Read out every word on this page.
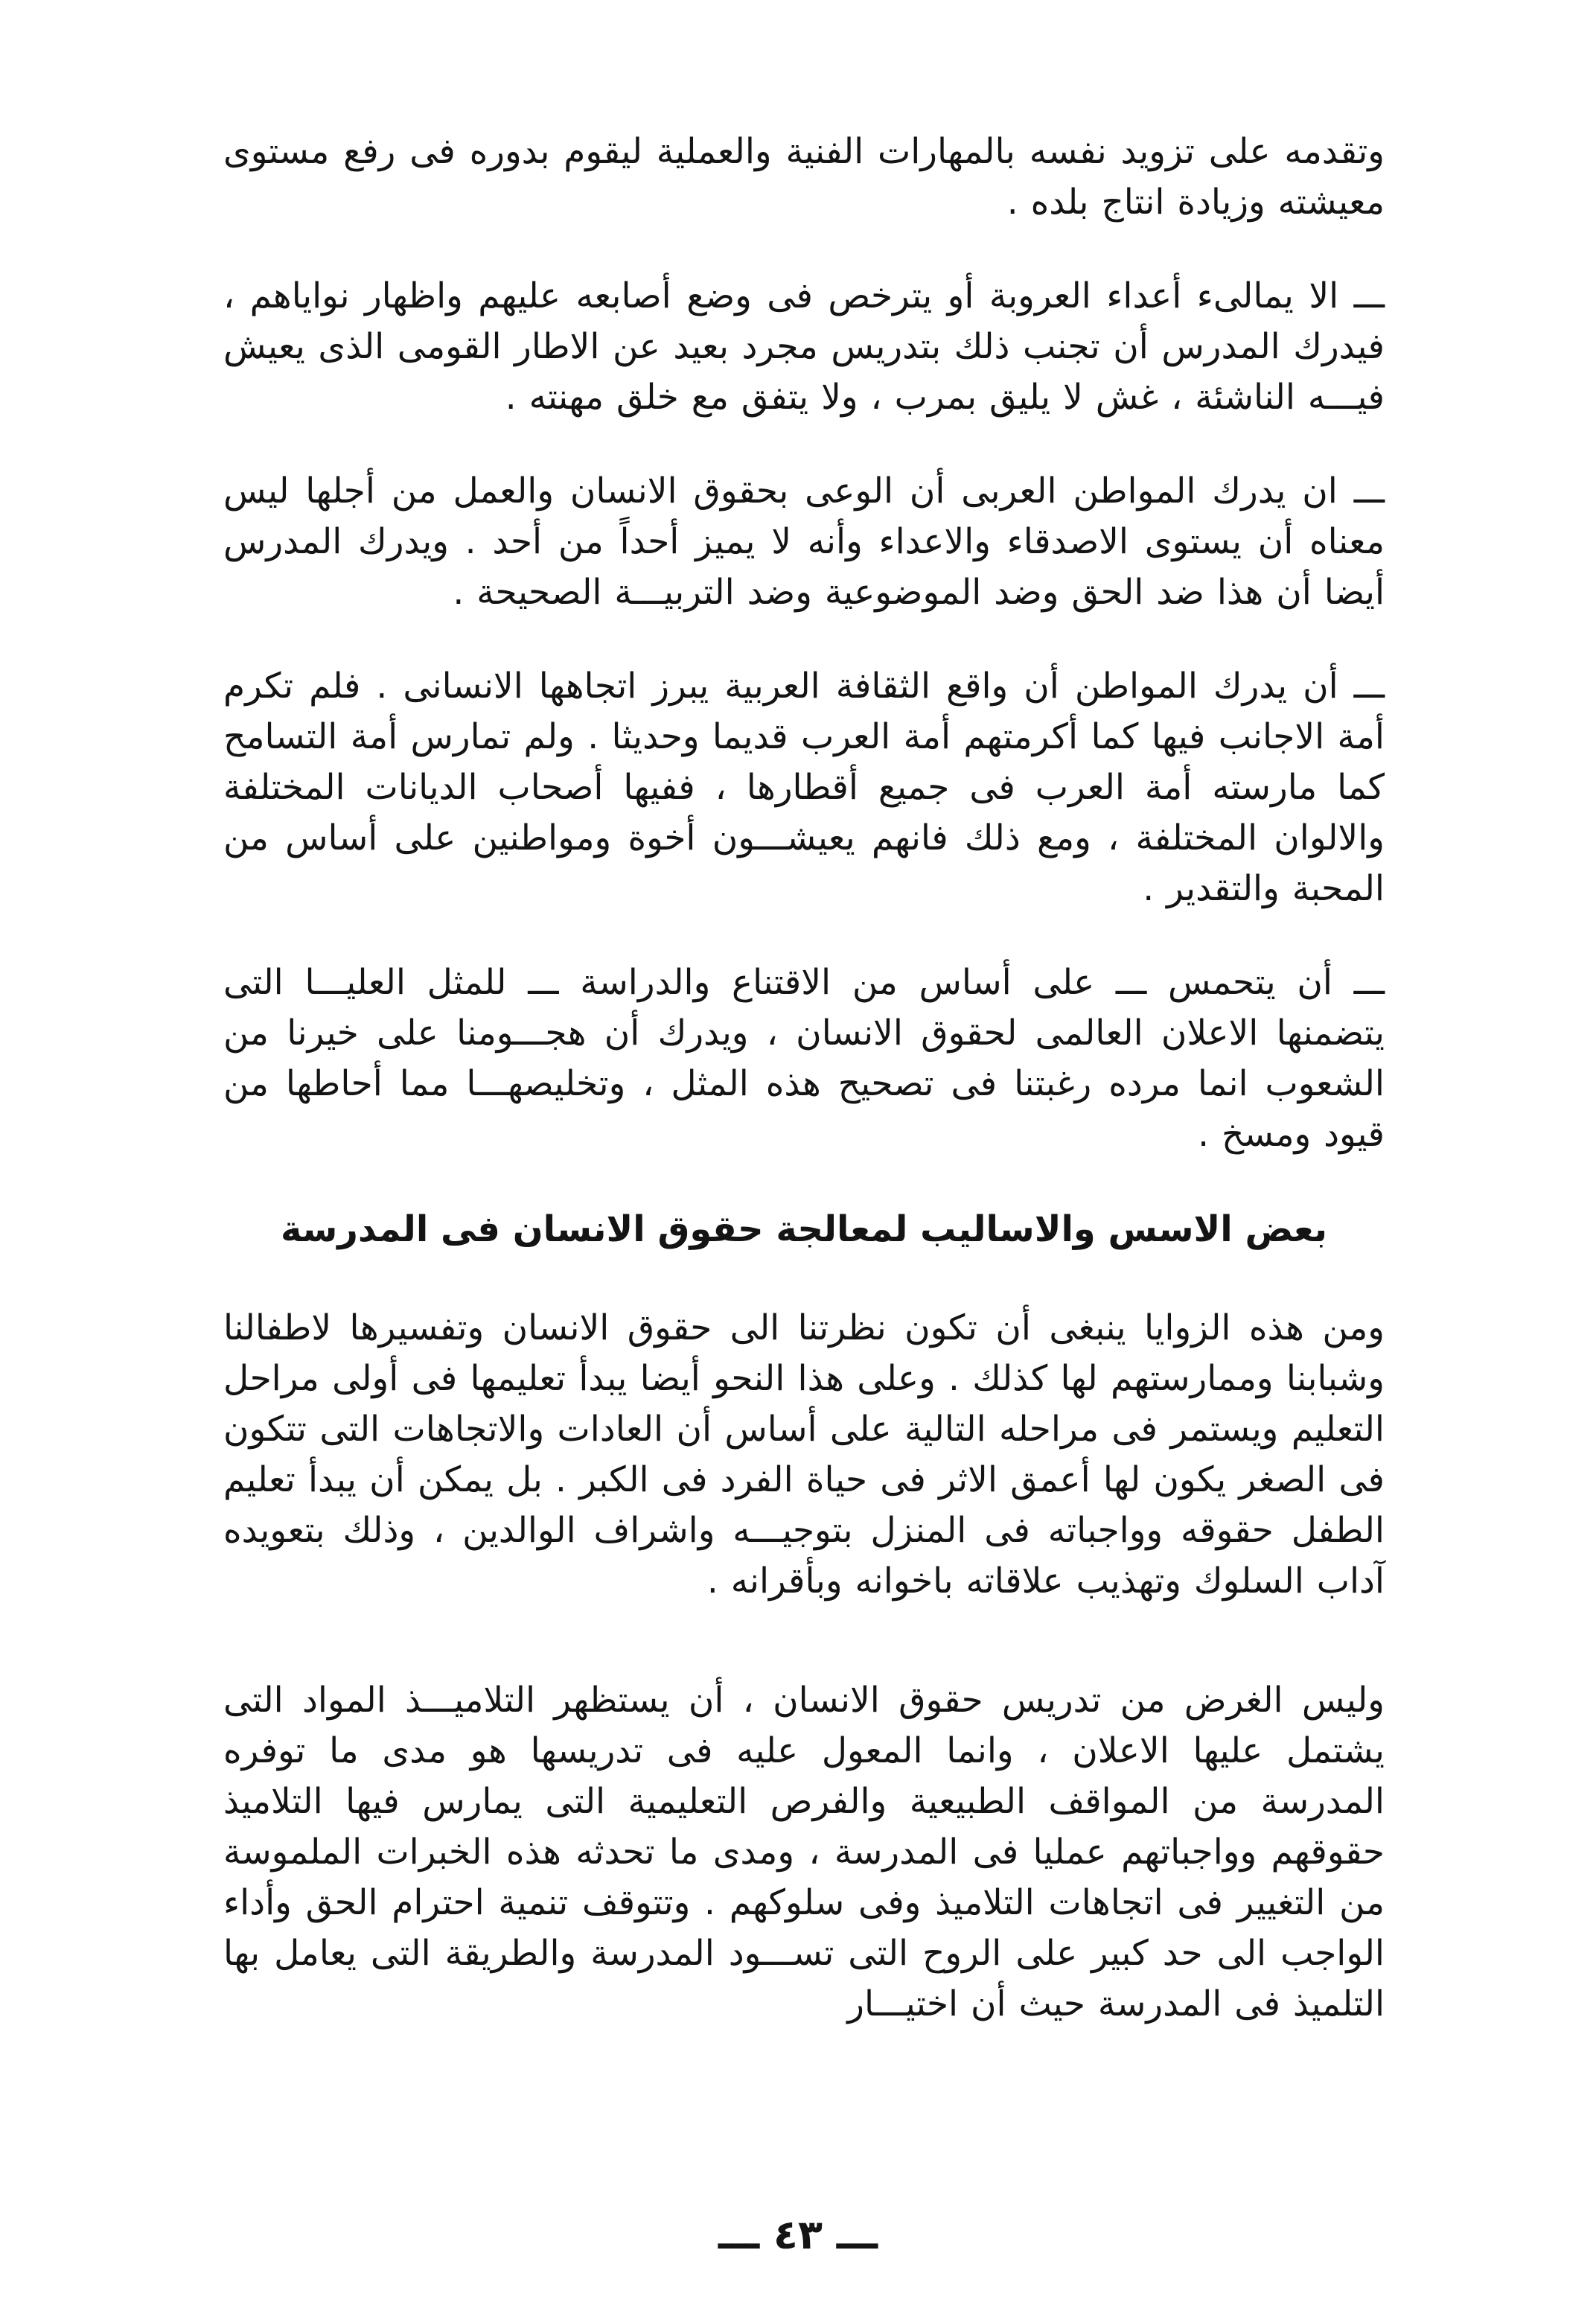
وتقدمه على تزويد نفسه بالمهارات الفنية والعملية ليقوم بدوره فى رفع مستوى معيشته وزيادة انتاج بلده .

ـــ الا يمالىء أعداء العروبة أو يترخص فى وضع أصابعه عليهم واظهار نواياهم ، فيدرك المدرس أن تجنب ذلك بتدريس مجرد بعيد عن الاطار القومى الذى يعيش فيـــه الناشئة ، غش لا يليق بمرب ، ولا يتفق مع خلق مهنته .

ـــ ان يدرك المواطن العربى أن الوعى بحقوق الانسان والعمل من أجلها ليس معناه أن يستوى الاصدقاء والاعداء وأنه لا يميز أحداً من أحد . ويدرك المدرس أيضا أن هذا ضد الحق وضد الموضوعية وضد التربيـــة الصحيحة .

ـــ أن يدرك المواطن أن واقع الثقافة العربية يبرز اتجاهها الانسانى . فلم تكرم أمة الاجانب فيها كما أكرمتهم أمة العرب قديما وحديثا . ولم تمارس أمة التسامح كما مارسته أمة العرب فى جميع أقطارها ، ففيها أصحاب الديانات المختلفة والالوان المختلفة ، ومع ذلك فانهم يعيشـــون أخوة ومواطنين على أساس من المحبة والتقدير .

ـــ أن يتحمس ـــ على أساس من الاقتناع والدراسة ـــ للمثل العليـــا التى يتضمنها الاعلان العالمى لحقوق الانسان ، ويدرك أن هجـــومنا على خيرنا من الشعوب انما مرده رغبتنا فى تصحيح هذه المثل ، وتخليصهـــا مما أحاطها من قيود ومسخ .

بعض الاسس والاساليب لمعالجة حقوق الانسان فى المدرسة

ومن هذه الزوايا ينبغى أن تكون نظرتنا الى حقوق الانسان وتفسيرها لاطفالنا وشبابنا وممارستهم لها كذلك . وعلى هذا النحو أيضا يبدأ تعليمها فى أولى مراحل التعليم ويستمر فى مراحله التالية على أساس أن العادات والاتجاهات التى تتكون فى الصغر يكون لها أعمق الاثر فى حياة الفرد فى الكبر . بل يمكن أن يبدأ تعليم الطفل حقوقه وواجباته فى المنزل بتوجيـــه واشراف الوالدين ، وذلك بتعويده آداب السلوك وتهذيب علاقاته باخوانه وبأقرانه .

وليس الغرض من تدريس حقوق الانسان ، أن يستظهر التلاميـــذ المواد التى يشتمل عليها الاعلان ، وانما المعول عليه فى تدريسها هو مدى ما توفره المدرسة من المواقف الطبيعية والفرص التعليمية التى يمارس فيها التلاميذ حقوقهم وواجباتهم عمليا فى المدرسة ، ومدى ما تحدثه هذه الخبرات الملموسة من التغيير فى اتجاهات التلاميذ وفى سلوكهم . وتتوقف تنمية احترام الحق وأداء الواجب الى حد كبير على الروح التى تســـود المدرسة والطريقة التى يعامل بها التلميذ فى المدرسة حيث أن اختيـــار

ـــ ٤٣ ـــ
